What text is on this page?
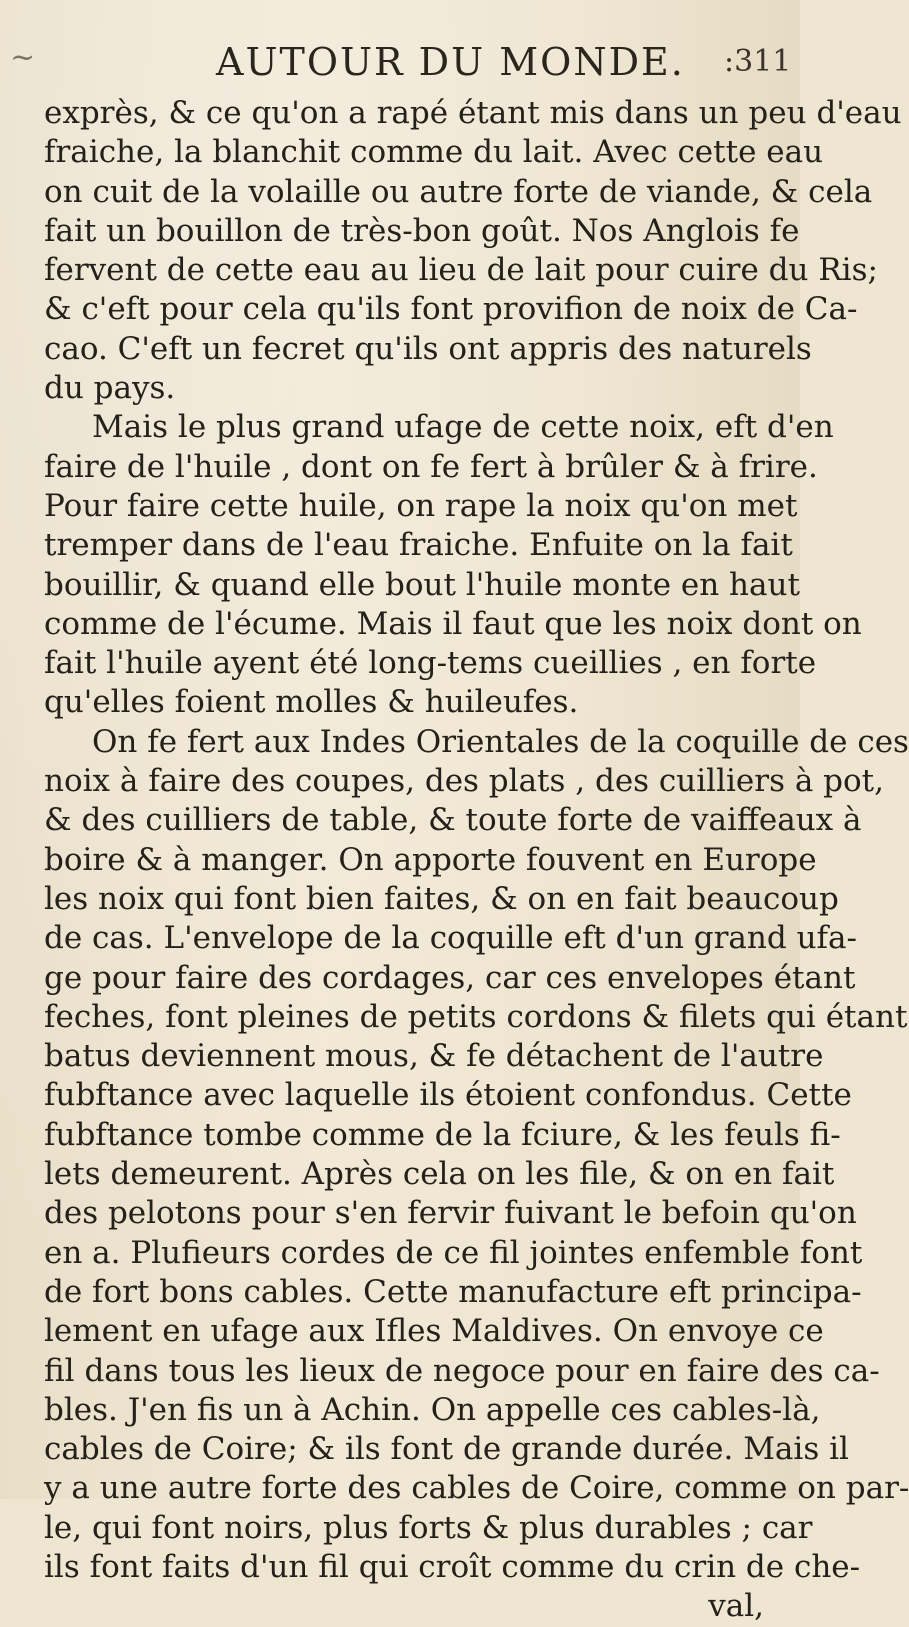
~	AUTOUR DU MONDE. :311
exprès, & ce qu'on a rapé étant mis dans un peu d'eau
fraiche, la blanchit comme du lait. Avec cette eau
on cuit de la volaille ou autre forte de viande, & cela
fait un bouillon de très-bon goût. Nos Anglois fe
fervent de cette eau au lieu de lait pour cuire du Ris;
& c'eft pour cela qu'ils font provifion de noix de Ca-
cao. C'eft un fecret qu'ils ont appris des naturels
du pays.
Mais le plus grand ufage de cette noix, eft d'en
faire de l'huile , dont on fe fert à brûler & à frire.
Pour faire cette huile, on rape la noix qu'on met
tremper dans de l'eau fraiche. Enfuite on la fait
bouillir, & quand elle bout l'huile monte en haut
comme de l'écume. Mais il faut que les noix dont on
fait l'huile ayent été long-tems cueillies , en forte
qu'elles foient molles & huileufes.
On fe fert aux Indes Orientales de la coquille de ces
noix à faire des coupes, des plats , des cuilliers à pot,
& des cuilliers de table, & toute forte de vaiffeaux à
boire & à manger. On apporte fouvent en Europe
les noix qui font bien faites, & on en fait beaucoup
de cas. L'envelope de la coquille eft d'un grand ufa-
ge pour faire des cordages, car ces envelopes étant
feches, font pleines de petits cordons & filets qui étant
batus deviennent mous, & fe détachent de l'autre
fubftance avec laquelle ils étoient confondus. Cette
fubftance tombe comme de la fciure, & les feuls fi-
lets demeurent. Après cela on les file, & on en fait
des pelotons pour s'en fervir fuivant le befoin qu'on
en a. Plufieurs cordes de ce fil jointes enfemble font
de fort bons cables. Cette manufacture eft principa-
lement en ufage aux Ifles Maldives. On envoye ce
fil dans tous les lieux de negoce pour en faire des ca-
bles. J'en fis un à Achin. On appelle ces cables-là,
cables de Coire; & ils font de grande durée. Mais il
y a une autre forte des cables de Coire, comme on par-
le, qui font noirs, plus forts & plus durables ; car
ils font faits d'un fil qui croît comme du crin de che-
val,
